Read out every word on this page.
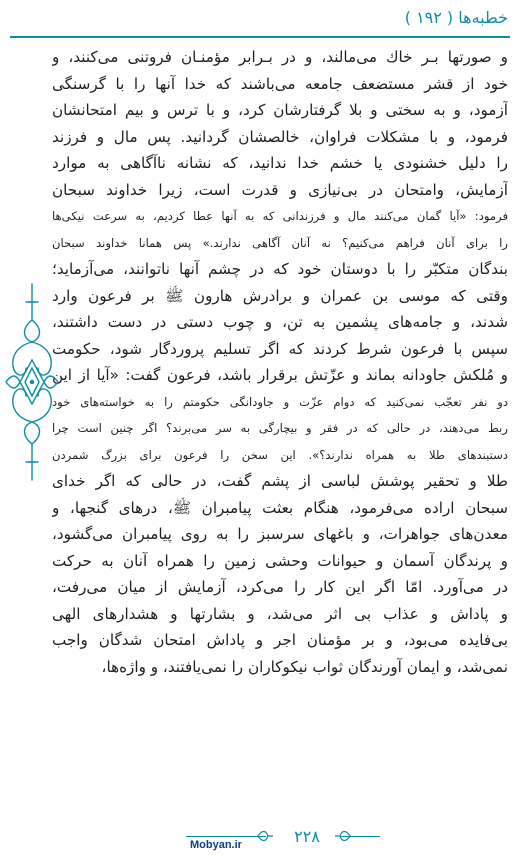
خطبه‌ها ( ۱۹۲ )
و صورتها بـر خاك مى‌مالند، و در بـرابر مؤمنـان فروتنى مى‌كنند، و
خود از قشر مستضعف جامعه مى‌باشند كه خدا آنها را با گرسنگى
آزمود، و به سختى و بلا گرفتارشان كرد، و با ترس و بيم امتحانشان
فرمود، و با مشكلات فراوان، خالصشان گردانيد. پس مال و فرزند
را دليل خشنودى يا خشم خدا ندانيد، كه نشانه ناآگاهى به موارد
آزمايش، وامتحان در بى‌نيازى و قدرت است، زيرا خداوند سبحان
فرمود: «آيا گمان مى‌كنند مال و فرزندانى كه به آنها عطا كرديم، به سرعت نيكى‌ها
را براى آنان فراهم مى‌كنيم؟ نه آنان آگاهى ندارند.» پس همانا خداوند سبحان
بندگان متكبّر را با دوستان خود كه در چشم آنها ناتوانند، مى‌آزمايد؛
وقتى كه موسى بن عمران و برادرش هارون ﷺ بر فرعون وارد
شدند، و جامه‌هاى پشمين به تن، و چوب دستى در دست داشتند،
سپس با فرعون شرط كردند كه اگر تسليم پروردگار شود، حكومت
و مُلكش جاودانه بماند و عزّتش برقرار باشد، فرعون گفت: «آيا از اين
دو نفر تعجّب نمى‌كنيد كه دوام عزّت و جاودانگى حكومتم را به خواسته‌هاى خود
ربط مى‌دهند، در حالى كه در فقر و بيچارگى به سر مى‌برند؟ اگر چنين است چرا
دستبندهاى طلا به همراه ندارند؟». اين سخن را فرعون براى بزرگ شمردن
طلا و تحقير پوشش لباسى از پشم گفت، در حالى كه اگر خداى
سبحان اراده مى‌فرمود، هنگام بعثت پيامبران ﷺ، درهاى گنجها، و
معدن‌هاى جواهرات، و باغهاى سرسبز را به روى پيامبران مى‌گشود،
و پرندگان آسمان و حيوانات وحشى زمين را همراه آنان به حركت
در مى‌آورد. امّا اگر اين كار را مى‌كرد، آزمايش از ميان مى‌رفت،
و پاداش و عذاب بى اثر مى‌شد، و بشارتها و هشدارهاى الهى
بى‌فايده مى‌بود، و بر مؤمنان اجر و پاداش امتحان شدگان واجب
نمى‌شد، و ايمان آورندگان ثواب نيكوكاران را نمى‌يافتند، و واژه‌ها،
۲۲۸
Mobyan.ir
